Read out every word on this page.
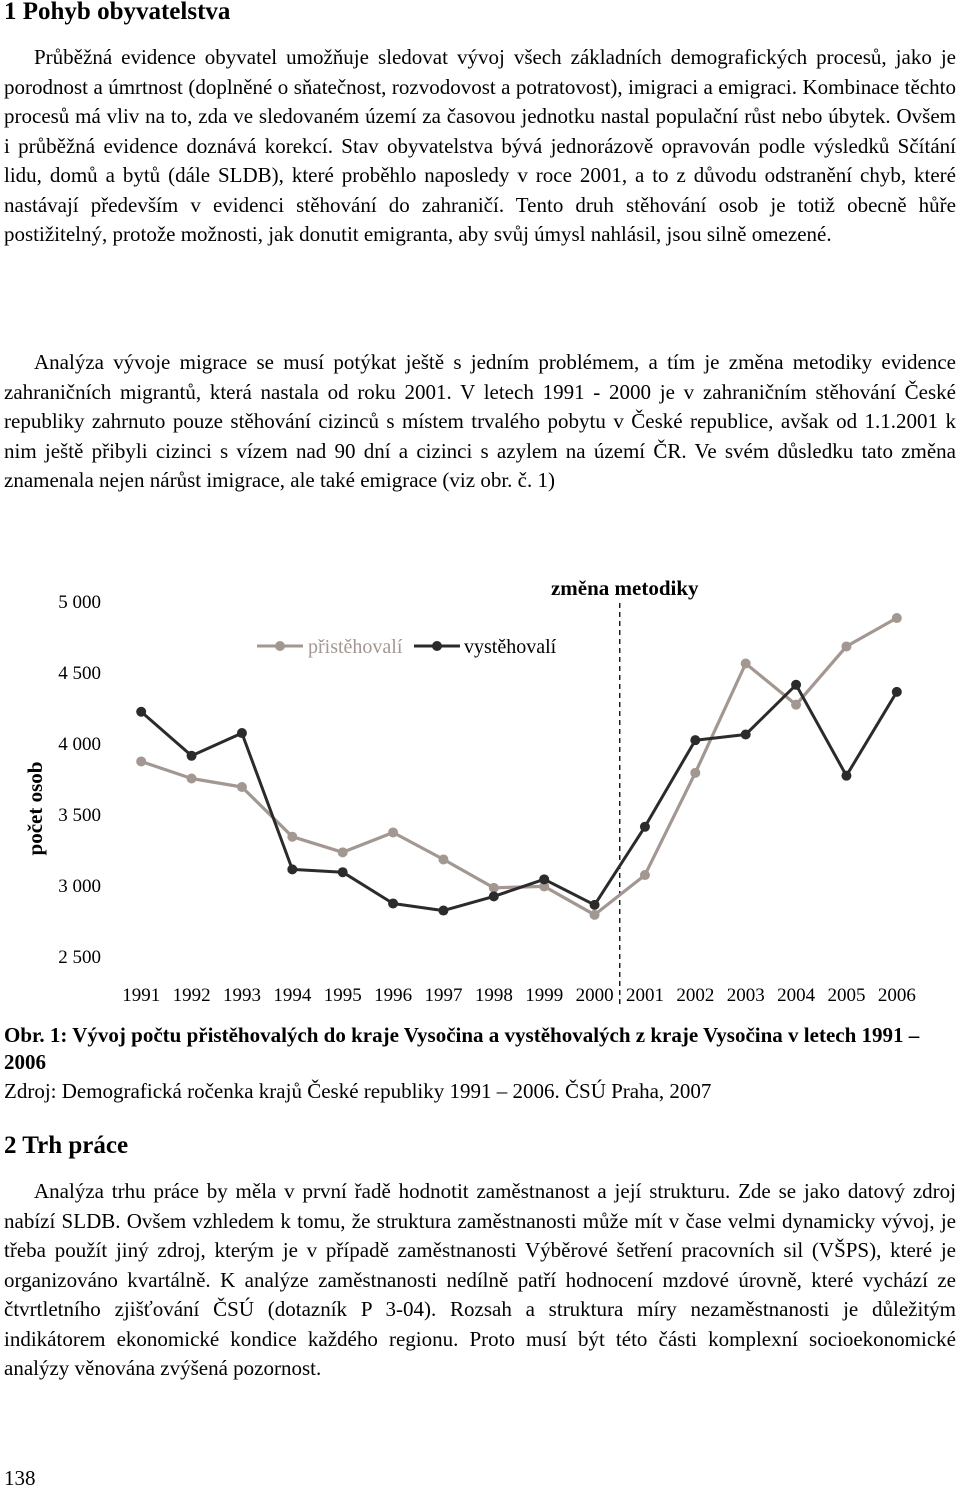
1 Pohyb obyvatelstva

Průběžná evidence obyvatel umožňuje sledovat vývoj všech základních demografických procesů, jako je porodnost a úmrtnost (doplněné o sňatečnost, rozvodovost a potratovost), imigraci a emigraci. Kombinace těchto procesů má vliv na to, zda ve sledovaném území za časovou jednotku nastal populační růst nebo úbytek. Ovšem i průběžná evidence doznává korekcí. Stav obyvatelstva bývá jednorázově opravován podle výsledků Sčítání lidu, domů a bytů (dále SLDB), které proběhlo naposledy v roce 2001, a to z důvodu odstranění chyb, které nastávají především v evidenci stěhování do zahraničí. Tento druh stěhování osob je totiž obecně hůře postižitelný, protože možnosti, jak donutit emigranta, aby svůj úmysl nahlásil, jsou silně omezené.

Analýza vývoje migrace se musí potýkat ještě s jedním problémem, a tím je změna metodiky evidence zahraničních migrantů, která nastala od roku 2001. V letech 1991 - 2000 je v zahraničním stěhování České republiky zahrnuto pouze stěhování cizinců s místem trvalého pobytu v České republice, avšak od 1.1.2001 k nim ještě přibyli cizinci s vízem nad 90 dní a cizinci s azylem na území ČR. Ve svém důsledku tato změna znamenala nejen nárůst imigrace, ale také emigrace (viz obr. č. 1)

2 500
3 000
3 500
4 000
4 500
5 000
1991 1992 1993 1994 1995 1996 1997 1998 1999 2000 2001 2002 2003 2004 2005 2006
počet osob
změna metodiky
přistěhovalí	vystěhovalí

Obr. 1: Vývoj počtu přistěhovalých do kraje Vysočina a vystěhovalých z kraje Vysočina v letech 1991 – 2006

Zdroj: Demografická ročenka krajů České republiky 1991 – 2006. ČSÚ Praha, 2007

2 Trh práce

Analýza trhu práce by měla v první řadě hodnotit zaměstnanost a její strukturu. Zde se jako datový zdroj nabízí SLDB. Ovšem vzhledem k tomu, že struktura zaměstnanosti může mít v čase velmi dynamicky vývoj, je třeba použít jiný zdroj, kterým je v případě zaměstnanosti Výběrové šetření pracovních sil (VŠPS), které je organizováno kvartálně. K analýze zaměstnanosti nedílně patří hodnocení mzdové úrovně, které vychází ze čtvrtletního zjišťování ČSÚ (dotazník P 3-04). Rozsah a struktura míry nezaměstnanosti je důležitým indikátorem ekonomické kondice každého regionu. Proto musí být této části komplexní socioekonomické analýzy věnována zvýšená pozornost.

138
